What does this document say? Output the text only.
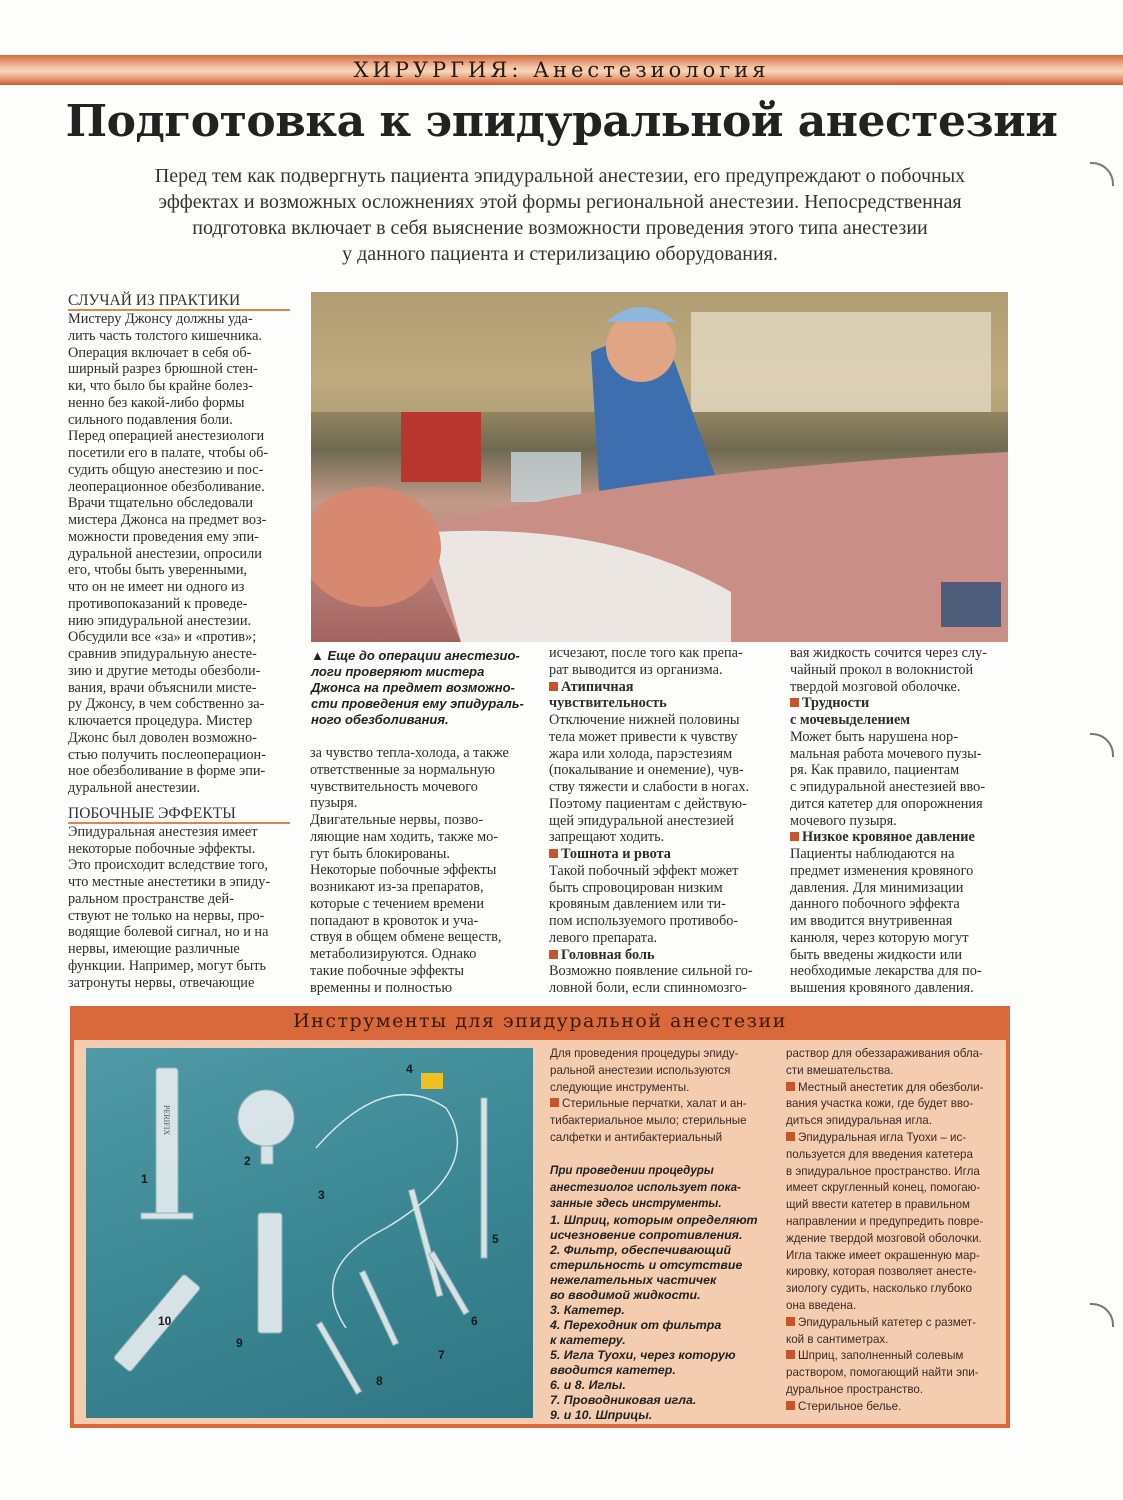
ХИРУРГИЯ: Анестезиология
Подготовка к эпидуральной анестезии
Перед тем как подвергнуть пациента эпидуральной анестезии, его предупреждают о побочных
эффектах и возможных осложнениях этой формы региональной анестезии. Непосредственная
подготовка включает в себя выяснение возможности проведения этого типа анестезии
у данного пациента и стерилизацию оборудования.
СЛУЧАЙ ИЗ ПРАКТИКИ
Мистеру Джонсу должны уда-
лить часть толстого кишечника.
Операция включает в себя об-
ширный разрез брюшной стен-
ки, что было бы крайне болез-
ненно без какой-либо формы
сильного подавления боли.
Перед операцией анестезиологи
посетили его в палате, чтобы об-
судить общую анестезию и пос-
леоперационное обезболивание.
Врачи тщательно обследовали
мистера Джонса на предмет воз-
можности проведения ему эпи-
дуральной анестезии, опросили
его, чтобы быть уверенными,
что он не имеет ни одного из
противопоказаний к проведе-
нию эпидуральной анестезии.
Обсудили все «за» и «против»;
сравнив эпидуральную анесте-
зию и другие методы обезболи-
вания, врачи объяснили мисте-
ру Джонсу, в чем собственно за-
ключается процедура. Мистер
Джонс был доволен возможно-
стью получить послеоперацион-
ное обезболивание в форме эпи-
дуральной анестезии.
ПОБОЧНЫЕ ЭФФЕКТЫ
Эпидуральная анестезия имеет
некоторые побочные эффекты.
Это происходит вследствие того,
что местные анестетики в эпиду-
ральном пространстве дей-
ствуют не только на нервы, про-
водящие болевой сигнал, но и на
нервы, имеющие различные
функции. Например, могут быть
затронуты нервы, отвечающие
▲ Еще до операции анестезио-
логи проверяют мистера
Джонса на предмет возможно-
сти проведения ему эпидураль-
ного обезболивания.
за чувство тепла-холода, а также
ответственные за нормальную
чувствительность мочевого
пузыря.
Двигательные нервы, позво-
ляющие нам ходить, также мо-
гут быть блокированы.
Некоторые побочные эффекты
возникают из-за препаратов,
которые с течением времени
попадают в кровоток и уча-
ствуя в общем обмене веществ,
метаболизируются. Однако
такие побочные эффекты
временны и полностью
исчезают, после того как препа-
рат выводится из организма.
Атипичная
чувствительность
Отключение нижней половины
тела может привести к чувству
жара или холода, парэстезиям
(покалывание и онемение), чув-
ству тяжести и слабости в ногах.
Поэтому пациентам с действую-
щей эпидуральной анестезией
запрещают ходить.
Тошнота и рвота
Такой побочный эффект может
быть спровоцирован низким
кровяным давлением или ти-
пом используемого противобо-
левого препарата.
Головная боль
Возможно появление сильной го-
ловной боли, если спинномозго-
вая жидкость сочится через слу-
чайный прокол в волокнистой
твердой мозговой оболочке.
Трудности
с мочевыделением
Может быть нарушена нор-
мальная работа мочевого пузы-
ря. Как правило, пациентам
с эпидуральной анестезией вво-
дится катетер для опорожнения
мочевого пузыря.
Низкое кровяное давление
Пациенты наблюдаются на
предмет изменения кровяного
давления. Для минимизации
данного побочного эффекта
им вводится внутривенная
канюля, через которую могут
быть введены жидкости или
необходимые лекарства для по-
вышения кровяного давления.
Инструменты для эпидуральной анестезии
PERIFIX
1
2
3
4
5
6
7
8
9
10
Для проведения процедуры эпиду-
ральной анестезии используются
следующие инструменты.
Стерильные перчатки, халат и ан-
тибактериальное мыло; стерильные
салфетки и антибактериальный
При проведении процедуры
анестезиолог использует пока-
занные здесь инструменты.
1. Шприц, которым определяют
исчезновение сопротивления.
2. Фильтр, обеспечивающий
стерильность и отсутствие
нежелательных частичек
во вводимой жидкости.
3. Катетер.
4. Переходник от фильтра
к катетеру.
5. Игла Туохи, через которую
вводится катетер.
6. и 8. Иглы.
7. Проводниковая игла.
9. и 10. Шприцы.
раствор для обеззараживания обла-
сти вмешательства.
Местный анестетик для обезболи-
вания участка кожи, где будет вво-
диться эпидуральная игла.
Эпидуральная игла Туохи – ис-
пользуется для введения катетера
в эпидуральное пространство. Игла
имеет скругленный конец, помогаю-
щий ввести катетер в правильном
направлении и предупредить повре-
ждение твердой мозговой оболочки.
Игла также имеет окрашенную мар-
кировку, которая позволяет анесте-
зиологу судить, насколько глубоко
она введена.
Эпидуральный катетер с размет-
кой в сантиметрах.
Шприц, заполненный солевым
раствором, помогающий найти эпи-
дуральное пространство.
Стерильное белье.
